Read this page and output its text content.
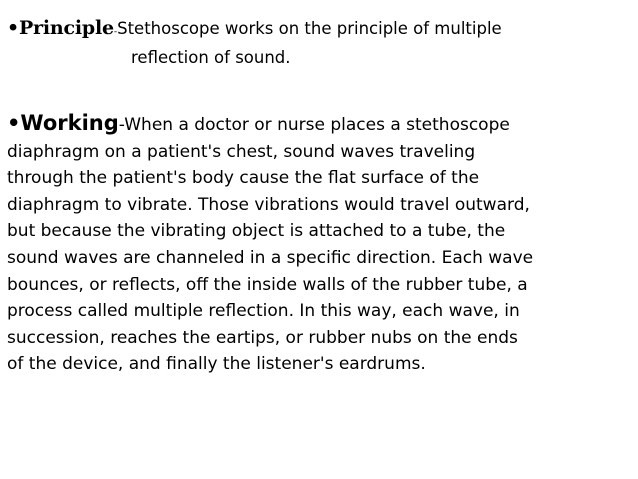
•Principle-Stethoscope works on the principle of multiple
reflection of sound.
•Working-When a doctor or nurse places a stethoscope
diaphragm on a patient's chest, sound waves traveling
through the patient's body cause the flat surface of the
diaphragm to vibrate. Those vibrations would travel outward,
but because the vibrating object is attached to a tube, the
sound waves are channeled in a specific direction. Each wave
bounces, or reflects, off the inside walls of the rubber tube, a
process called multiple reflection. In this way, each wave, in
succession, reaches the eartips, or rubber nubs on the ends
of the device, and finally the listener's eardrums.
